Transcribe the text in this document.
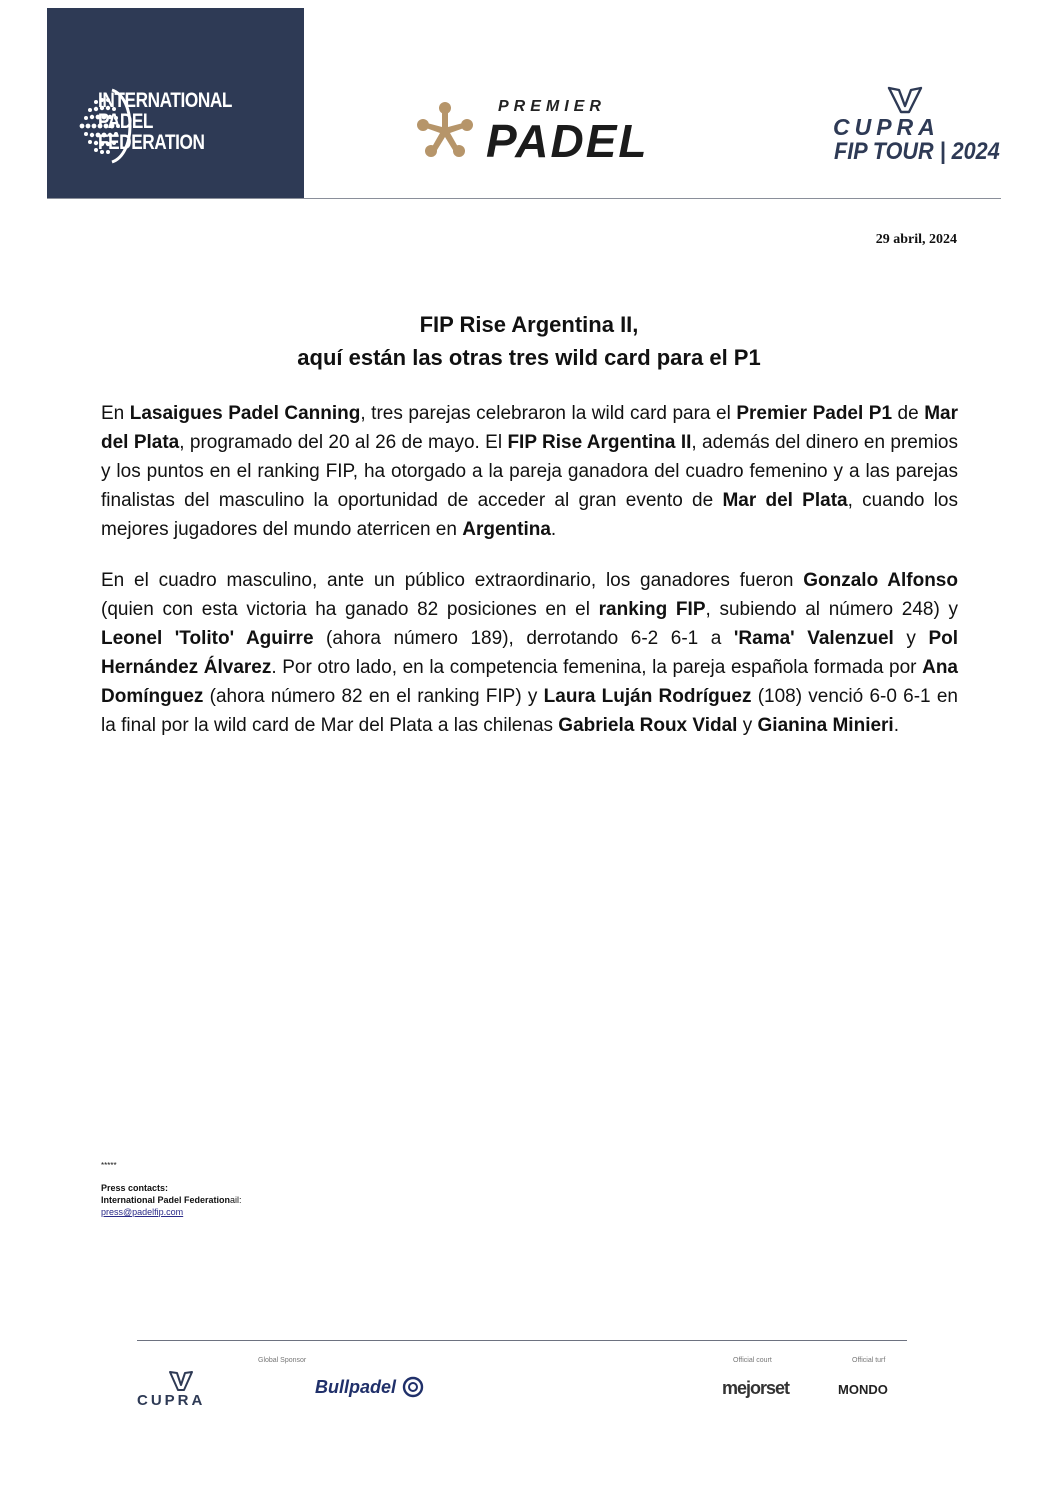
INTERNATIONAL
PADEL
FEDERATION
PREMIER
PADEL	CUPRA
FIP TOUR | 2024
29 abril, 2024
FIP Rise Argentina II,
aquí están las otras tres wild card para el P1
En Lasaigues Padel Canning, tres parejas celebraron la wild card para el Premier Padel P1 de Mar del Plata, programado del 20 al 26 de mayo. El FIP Rise Argentina II, además del dinero en premios y los puntos en el ranking FIP, ha otorgado a la pareja ganadora del cuadro femenino y a las parejas finalistas del masculino la oportunidad de acceder al gran evento de Mar del Plata, cuando los mejores jugadores del mundo aterricen en Argentina.
En el cuadro masculino, ante un público extraordinario, los ganadores fueron Gonzalo Alfonso (quien con esta victoria ha ganado 82 posiciones en el ranking FIP, subiendo al número 248) y Leonel 'Tolito' Aguirre (ahora número 189), derrotando 6-2 6-1 a 'Rama' Valenzuel y Pol Hernández Álvarez. Por otro lado, en la competencia femenina, la pareja española formada por Ana Domínguez (ahora número 82 en el ranking FIP) y Laura Luján Rodríguez (108) venció 6-0 6-1 en la final por la wild card de Mar del Plata a las chilenas Gabriela Roux Vidal y Gianina Minieri.
*****
Press contacts:
International Padel Federationail:
press@padelfip.com
Global Sponsor	Official court	Official turf
CUPRA
Bullpadel	mejorset	MONDO
